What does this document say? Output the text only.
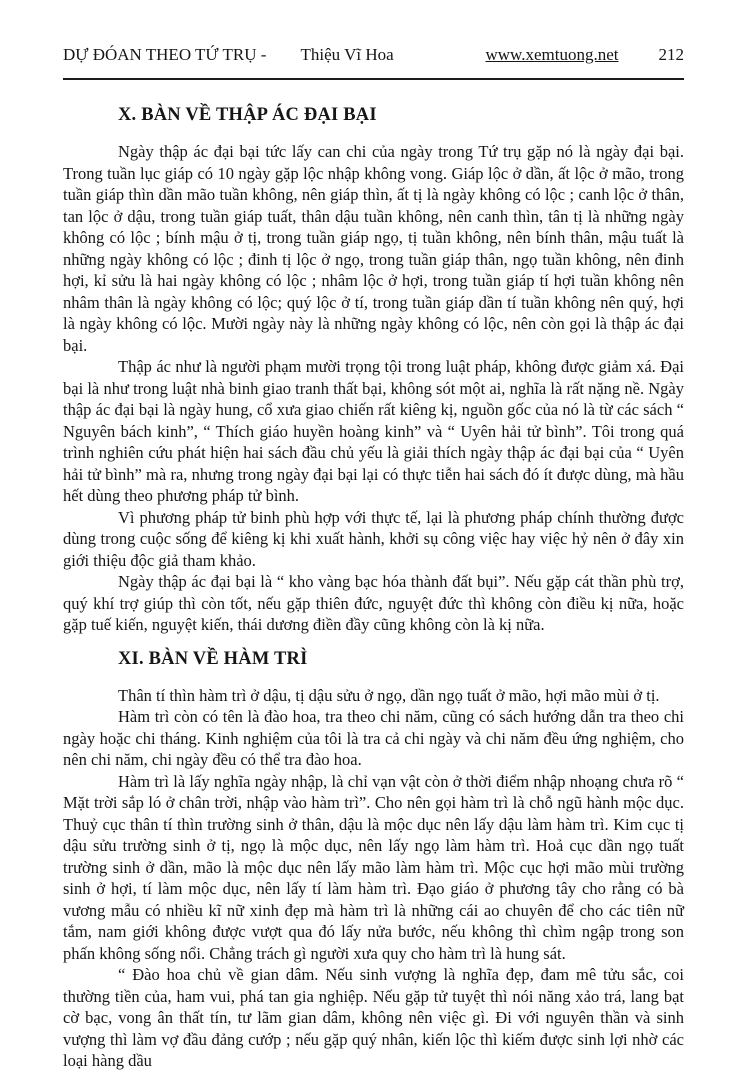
DỰ ĐÓAN THEO TỨ TRỤ - Thiệu Vĩ Hoa	www.xemtuong.net 212
X. BÀN VỀ THẬP ÁC ĐẠI BẠI

Ngày thập ác đại bại tức lấy can chi của ngày trong Tứ trụ gặp nó là ngày đại bại. Trong tuần lục giáp có 10 ngày gặp lộc nhập không vong. Giáp lộc ở dần, ất lộc ở mão, trong tuần giáp thìn dần mão tuần không, nên giáp thìn, ất tị là ngày không có lộc ; canh lộc ở thân, tan lộc ở dậu, trong tuần giáp tuất, thân dậu tuần không, nên canh thìn, tân tị là những ngày không có lộc ; bính mậu ở tị, trong tuần giáp ngọ, tị tuần không, nên bính thân, mậu tuất là những ngày không có lộc ; đinh tị lộc ở ngọ, trong tuần giáp thân, ngọ tuần không, nên đinh hợi, kỉ sửu là hai ngày không có lộc ; nhâm lộc ở hợi, trong tuần giáp tí hợi tuần không nên nhâm thân là ngày không có lộc; quý lộc ở tí, trong tuần giáp dần tí tuần không nên quý, hợi là ngày không có lộc. Mười ngày này là những ngày không có lộc, nên còn gọi là thập ác đại bại.

Thập ác như là người phạm mười trọng tội trong luật pháp, không được giảm xá. Đại bại là như trong luật nhà binh giao tranh thất bại, không sót một ai, nghĩa là rất nặng nề. Ngày thập ác đại bại là ngày hung, cổ xưa giao chiến rất kiêng kị, nguồn gốc của nó là từ các sách “ Nguyên bách kinh”, “ Thích giáo huyền hoàng kinh” và “ Uyên hải tử bình”. Tôi trong quá trình nghiên cứu phát hiện hai sách đầu chủ yếu là giải thích ngày thập ác đại bại của “ Uyên hải tử bình” mà ra, nhưng trong ngày đại bại lại có thực tiễn hai sách đó ít được dùng, mà hầu hết dùng theo phương pháp tử bình.

Vì phương pháp tử binh phù hợp với thực tế, lại là phương pháp chính thường được dùng trong cuộc sống để kiêng kị khi xuất hành, khởi sụ công việc hay việc hỷ nên ở đây xin giới thiệu độc giả tham khảo.

Ngày thập ác đại bại là “ kho vàng bạc hóa thành đất bụi”. Nếu gặp cát thần phù trợ, quý khí trợ giúp thì còn tốt, nếu gặp thiên đức, nguyệt đức thì không còn điều kị nữa, hoặc gặp tuế kiến, nguyệt kiến, thái dương điền đầy cũng không còn là kị nữa.

XI. BÀN VỀ HÀM TRÌ

Thân tí thìn hàm trì ở dậu, tị dậu sửu ở ngọ, dần ngọ tuất ở mão, hợi mão mùi ở tị.

Hàm trì còn có tên là đào hoa, tra theo chi năm, cũng có sách hướng dẫn tra theo chi ngày hoặc chi tháng. Kinh nghiệm của tôi là tra cả chi ngày và chi năm đều ứng nghiệm, cho nên chi năm, chi ngày đều có thể tra đào hoa.

Hàm trì là lấy nghĩa ngày nhập, là chỉ vạn vật còn ở thời điểm nhập nhoạng chưa rõ “ Mặt trời sắp ló ở chân trời, nhập vào hàm trì”. Cho nên gọi hàm trì là chỗ ngũ hành mộc dục. Thuỷ cục thân tí thìn trường sinh ở thân, dậu là mộc dục nên lấy dậu làm hàm trì. Kim cục tị dậu sửu trường sinh ở tị, ngọ là mộc dục, nên lấy ngọ làm hàm trì. Hoả cục dần ngọ tuất trường sinh ở dần, mão là mộc dục nên lấy mão làm hàm trì. Mộc cục hợi mão mùi trường sinh ở hợi, tí làm mộc dục, nên lấy tí làm hàm trì. Đạo giáo ở phương tây cho rằng có bà vương mẫu có nhiều kĩ nữ xinh đẹp mà hàm trì là những cái ao chuyên để cho các tiên nữ tắm, nam giới không được vượt qua đó lấy nửa bước, nếu không thì chìm ngập trong son phấn không sống nổi. Chẳng trách gì người xưa quy cho hàm trì là hung sát.

“ Đào hoa chủ về gian dâm. Nếu sinh vượng là nghĩa đẹp, đam mê tửu sắc, coi thường tiền của, ham vui, phá tan gia nghiệp. Nếu gặp tử tuyệt thì nói năng xảo trá, lang bạt cờ bạc, vong ân thất tín, tư lãm gian dâm, không nên việc gì. Đi với nguyên thần và sinh vượng thì làm vợ đầu đảng cướp ; nếu gặp quý nhân, kiến lộc thì kiếm được sinh lợi nhờ các loại hàng dầu
